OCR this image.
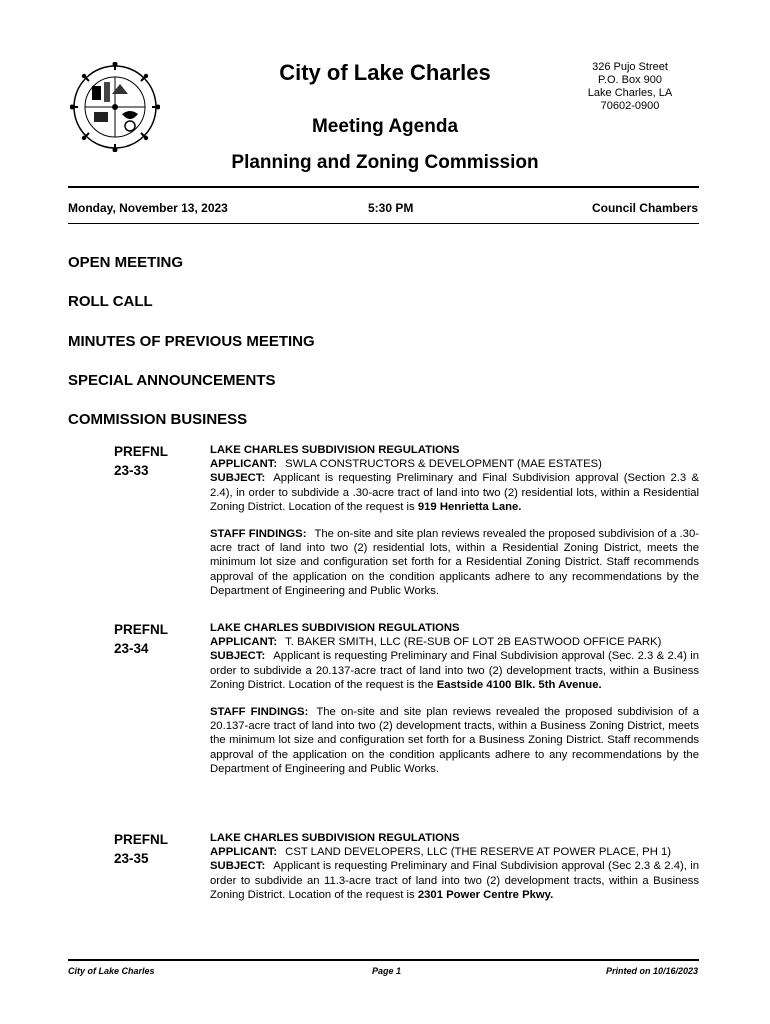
City of Lake Charles
Meeting Agenda
Planning and Zoning Commission
326 Pujo Street
P.O. Box 900
Lake Charles, LA
70602-0900
Monday, November 13, 2023	5:30 PM	Council Chambers
OPEN MEETING
ROLL CALL
MINUTES OF PREVIOUS MEETING
SPECIAL ANNOUNCEMENTS
COMMISSION BUSINESS
PREFNL
23-33

LAKE CHARLES SUBDIVISION REGULATIONS

APPLICANT: SWLA CONSTRUCTORS & DEVELOPMENT (MAE ESTATES)

SUBJECT: Applicant is requesting Preliminary and Final Subdivision approval (Section 2.3 & 2.4), in order to subdivide a .30-acre tract of land into two (2) residential lots, within a Residential Zoning District. Location of the request is 919 Henrietta Lane.

STAFF FINDINGS: The on-site and site plan reviews revealed the proposed subdivision of a .30-acre tract of land into two (2) residential lots, within a Residential Zoning District, meets the minimum lot size and configuration set forth for a Residential Zoning District. Staff recommends approval of the application on the condition applicants adhere to any recommendations by the Department of Engineering and Public Works.

PREFNL
23-34

LAKE CHARLES SUBDIVISION REGULATIONS

APPLICANT: T. BAKER SMITH, LLC (RE-SUB OF LOT 2B EASTWOOD OFFICE PARK)

SUBJECT: Applicant is requesting Preliminary and Final Subdivision approval (Sec. 2.3 & 2.4) in order to subdivide a 20.137-acre tract of land into two (2) development tracts, within a Business Zoning District. Location of the request is the Eastside 4100 Blk. 5th Avenue.

STAFF FINDINGS: The on-site and site plan reviews revealed the proposed subdivision of a 20.137-acre tract of land into two (2) development tracts, within a Business Zoning District, meets the minimum lot size and configuration set forth for a Business Zoning District. Staff recommends approval of the application on the condition applicants adhere to any recommendations by the Department of Engineering and Public Works.

PREFNL
23-35

LAKE CHARLES SUBDIVISION REGULATIONS

APPLICANT: CST LAND DEVELOPERS, LLC (THE RESERVE AT POWER PLACE, PH 1)

SUBJECT: Applicant is requesting Preliminary and Final Subdivision approval (Sec 2.3 & 2.4), in order to subdivide an 11.3-acre tract of land into two (2) development tracts, within a Business Zoning District. Location of the request is 2301 Power Centre Pkwy.

City of Lake Charles	Page 1	Printed on 10/16/2023
